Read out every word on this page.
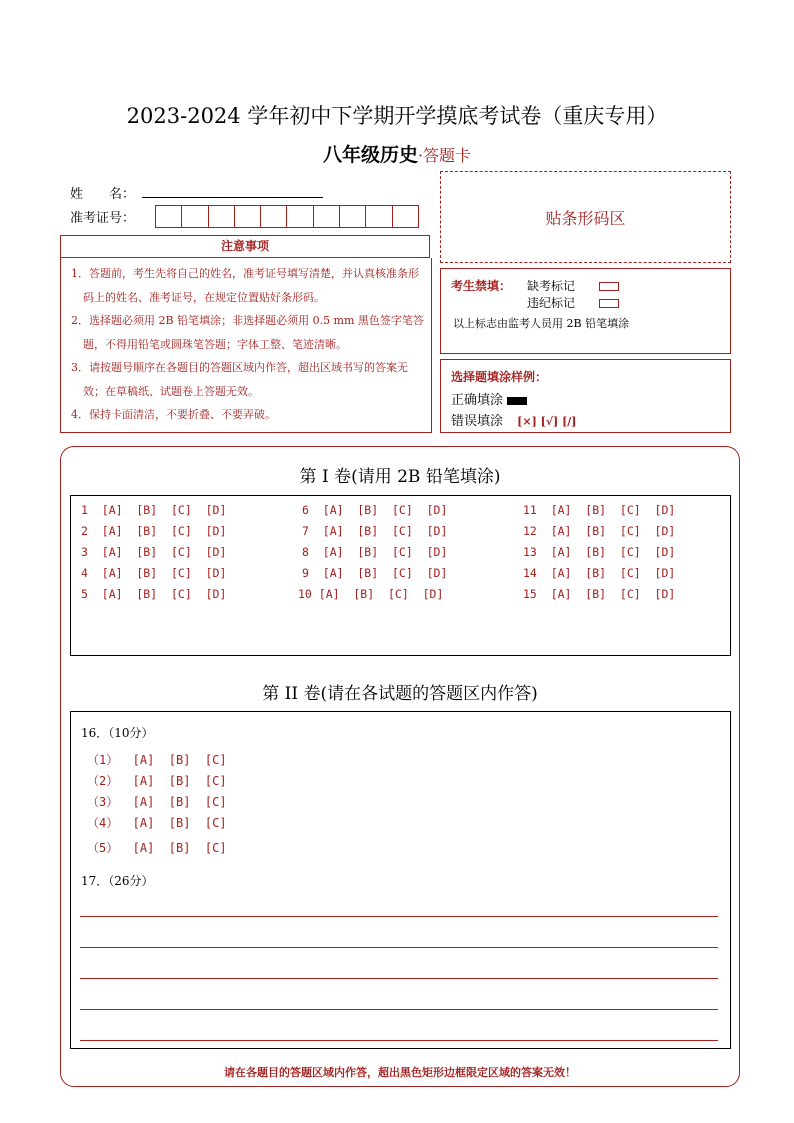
2023-2024 学年初中下学期开学摸底考试卷（重庆专用）
八年级历史·答题卡
姓　　名：
准考证号：	贴条形码区
注意事项
1．答题前，考生先将自己的姓名，准考证号填写清楚，并认真核准条形码上的姓名、准考证号，在规定位置贴好条形码。
2．选择题必须用 2B 铅笔填涂；非选择题必须用 0.5 mm 黑色签字笔答题，不得用铅笔或圆珠笔答题；字体工整、笔迹清晰。
3．请按题号顺序在各题目的答题区域内作答，超出区域书写的答案无效；在草稿纸、试题卷上答题无效。
4．保持卡面清洁，不要折叠、不要弄破。
考生禁填： 缺考标记
违纪标记
以上标志由监考人员用 2B 铅笔填涂
选择题填涂样例：
正确填涂
错误填涂 [×] [√] [/]
第 I 卷(请用 2B 铅笔填涂)
1  [A]  [B]  [C]  [D]
2  [A]  [B]  [C]  [D]
3  [A]  [B]  [C]  [D]
4  [A]  [B]  [C]  [D]
5  [A]  [B]  [C]  [D]
6  [A]  [B]  [C]  [D]
7  [A]  [B]  [C]  [D]
8  [A]  [B]  [C]  [D]
9  [A]  [B]  [C]  [D]
10 [A]  [B]  [C]  [D]
11  [A]  [B]  [C]  [D]
12  [A]  [B]  [C]  [D]
13  [A]  [B]  [C]  [D]
14  [A]  [B]  [C]  [D]
15  [A]  [B]  [C]  [D]
第 II 卷(请在各试题的答题区内作答)
16．（10分）
（1）  [A]  [B]  [C]
（2）  [A]  [B]  [C]
（3）  [A]  [B]  [C]
（4）  [A]  [B]  [C]
（5）  [A]  [B]  [C]
17．（26分）
请在各题目的答题区域内作答，超出黑色矩形边框限定区域的答案无效！
